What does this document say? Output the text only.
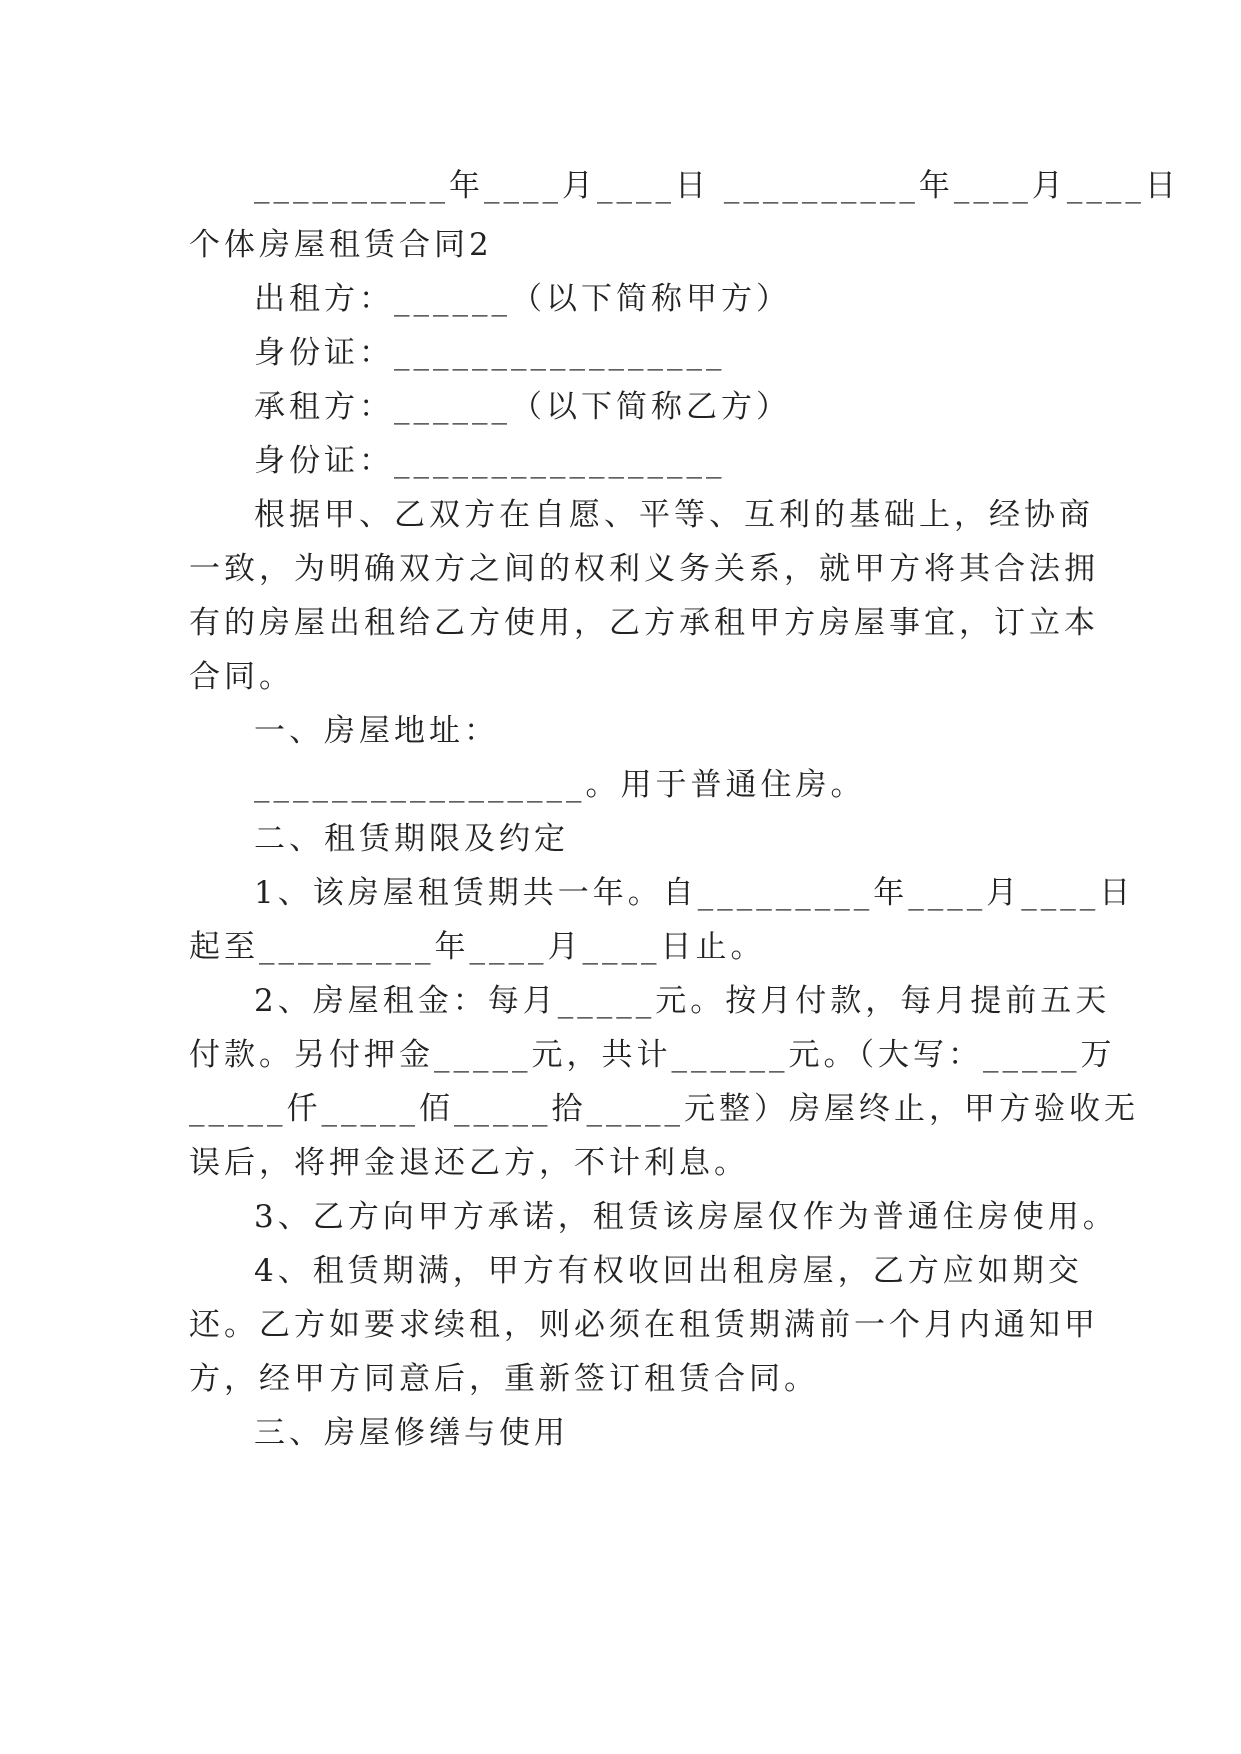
__________年____月____日 __________年____月____日
个体房屋租赁合同2
出租方：______（以下简称甲方）
身份证：_________________
承租方：______（以下简称乙方）
身份证：_________________
根据甲、乙双方在自愿、平等、互利的基础上，经协商
一致，为明确双方之间的权利义务关系，就甲方将其合法拥
有的房屋出租给乙方使用，乙方承租甲方房屋事宜，订立本
合同。
一、房屋地址：
_________________。用于普通住房。
二、租赁期限及约定
1、该房屋租赁期共一年。自_________年____月____日
起至_________年____月____日止。
2、房屋租金：每月_____元。按月付款，每月提前五天
付款。另付押金_____元，共计______元。（大写：_____万
_____仟_____佰_____拾_____元整）房屋终止，甲方验收无
误后，将押金退还乙方，不计利息。
3、乙方向甲方承诺，租赁该房屋仅作为普通住房使用。
4、租赁期满，甲方有权收回出租房屋，乙方应如期交
还。乙方如要求续租，则必须在租赁期满前一个月内通知甲
方，经甲方同意后，重新签订租赁合同。
三、房屋修缮与使用
